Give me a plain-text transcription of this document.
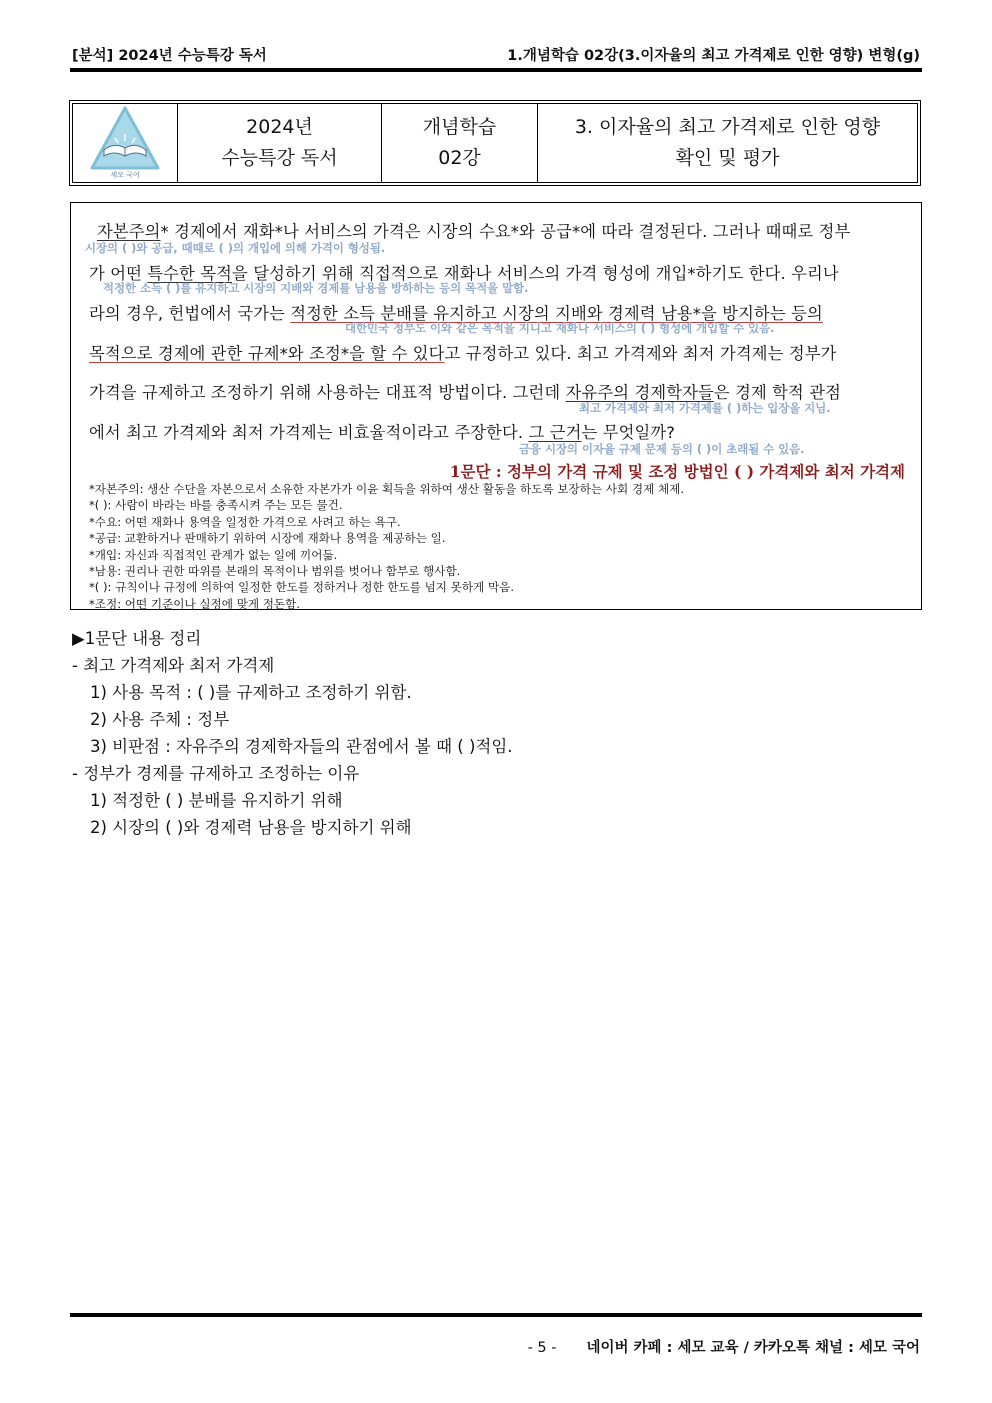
[분석] 2024년 수능특강 독서	1.개념학습 02강(3.이자율의 최고 가격제로 인한 영향) 변형(g)
세모 국어
2024년
수능특강 독서
개념학습
02강
3. 이자율의 최고 가격제로 인한 영향
확인 및 평가
자본주의* 경제에서 재화*나 서비스의 가격은 시장의 수요*와 공급*에 따라 결정된다. 그러나 때때로 정부
시장의 ( )와 공급, 때때로 ( )의 개입에 의해 가격이 형성됨.
가 어떤 특수한 목적을 달성하기 위해 직접적으로 재화나 서비스의 가격 형성에 개입*하기도 한다. 우리나
적정한 소득 ( )를 유지하고 시장의 지배와 경제를 남용을 방하하는 등의 목적을 말함.
라의 경우, 헌법에서 국가는 적정한 소득 분배를 유지하고 시장의 지배와 경제력 남용*을 방지하는 등의
대한민국 정부도 이와 같은 목적을 지니고 재화나 서비스의 ( ) 형성에 개입할 수 있음.
목적으로 경제에 관한 규제*와 조정*을 할 수 있다고 규정하고 있다. 최고 가격제와 최저 가격제는 정부가
가격을 규제하고 조정하기 위해 사용하는 대표적 방법이다. 그런데 자유주의 경제학자들은 경제 학적 관점
최고 가격제와 최저 가격제를 ( )하는 입장을 지님.
에서 최고 가격제와 최저 가격제는 비효율적이라고 주장한다. 그 근거는 무엇일까?
금융 시장의 이자율 규제 문제 등의 ( )이 초래될 수 있음.
1문단 : 정부의 가격 규제 및 조정 방법인 ( ) 가격제와 최저 가격제
*자본주의: 생산 수단을 자본으로서 소유한 자본가가 이윤 획득을 위하여 생산 활동을 하도록 보장하는 사회 경제 체제.
*( ): 사람이 바라는 바를 충족시켜 주는 모든 물건.
*수요: 어떤 재화나 용역을 일정한 가격으로 사려고 하는 욕구.
*공급: 교환하거나 판매하기 위하여 시장에 재화나 용역을 제공하는 일.
*개입: 자신과 직접적인 관계가 없는 일에 끼어듦.
*남용: 권리나 권한 따위를 본래의 목적이나 범위를 벗어나 함부로 행사함.
*( ): 규칙이나 규정에 의하여 일정한 한도를 정하거나 정한 한도를 넘지 못하게 막음.
*조정: 어떤 기준이나 실정에 맞게 정돈함.
▶1문단 내용 정리
- 최고 가격제와 최저 가격제
1) 사용 목적 : ( )를 규제하고 조정하기 위함.
2) 사용 주체 : 정부
3) 비판점 : 자유주의 경제학자들의 관점에서 볼 때 ( )적임.
- 정부가 경제를 규제하고 조정하는 이유
1) 적정한 ( ) 분배를 유지하기 위해
2) 시장의 ( )와 경제력 남용을 방지하기 위해
- 5 - 네이버 카페 : 세모 교육 / 카카오톡 채널 : 세모 국어
